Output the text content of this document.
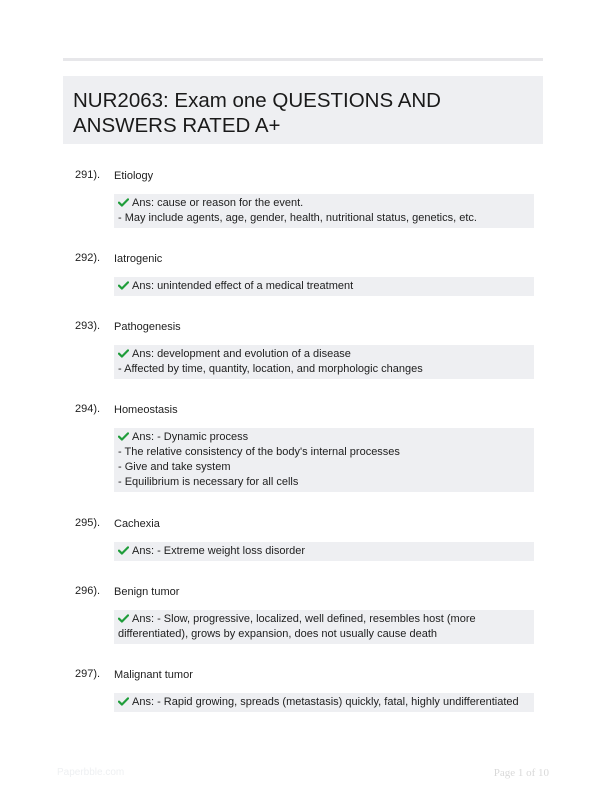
NUR2063: Exam one QUESTIONS AND
ANSWERS RATED A+
291). Etiology
Ans: cause or reason for the event.
- May include agents, age, gender, health, nutritional status, genetics, etc.
292). Iatrogenic
Ans: unintended effect of a medical treatment
293). Pathogenesis
Ans: development and evolution of a disease
- Affected by time, quantity, location, and morphologic changes
294). Homeostasis
Ans: - Dynamic process
- The relative consistency of the body's internal processes
- Give and take system
- Equilibrium is necessary for all cells
295). Cachexia
Ans: - Extreme weight loss disorder
296). Benign tumor
Ans: - Slow, progressive, localized, well defined, resembles host (more differentiated), grows by expansion, does not usually cause death
297). Malignant tumor
Ans: - Rapid growing, spreads (metastasis) quickly, fatal, highly undifferentiated
Paperbble.com	Page 1 of 10
